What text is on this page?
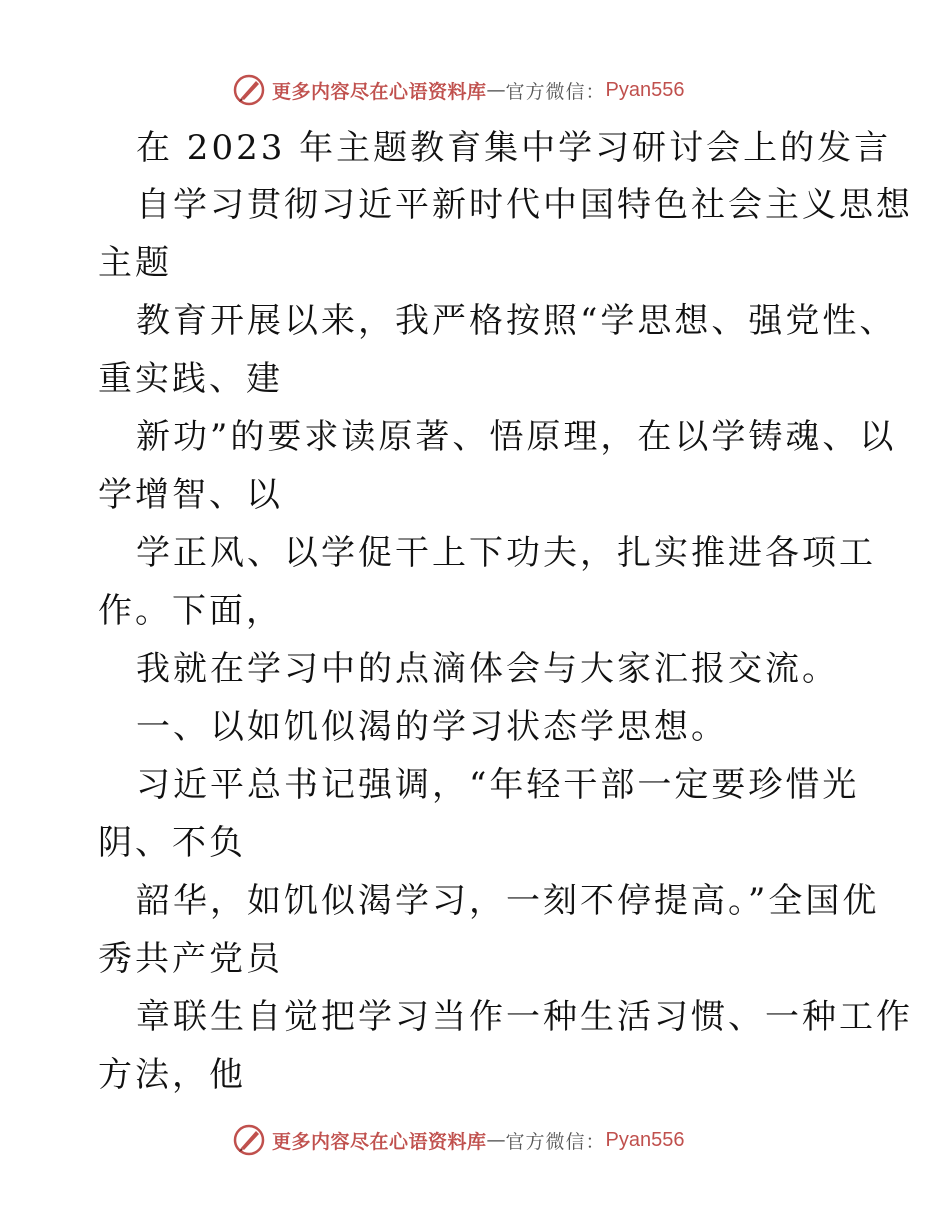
更多内容尽在心语资料库 — 官方微信： Pyan556
在 2023 年主题教育集中学习研讨会上的发言
自学习贯彻习近平新时代中国特色社会主义思想
主题
教育开展以来，我严格按照“学思想、强党性、
重实践、建
新功”的要求读原著、悟原理，在以学铸魂、以
学增智、以
学正风、以学促干上下功夫，扎实推进各项工
作。下面，
我就在学习中的点滴体会与大家汇报交流。
一、以如饥似渴的学习状态学思想。
习近平总书记强调，“年轻干部一定要珍惜光
阴、不负
韶华，如饥似渴学习，一刻不停提高。”全国优
秀共产党员
章联生自觉把学习当作一种生活习惯、一种工作
方法，他
更多内容尽在心语资料库 — 官方微信： Pyan556
